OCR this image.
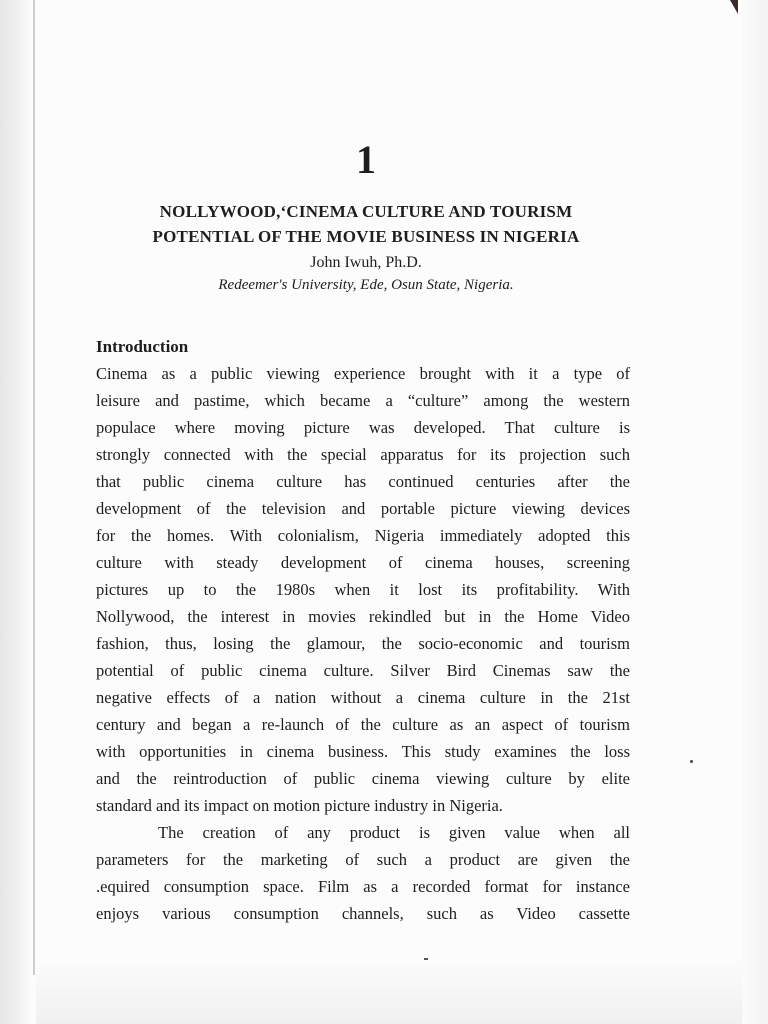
1
NOLLYWOOD,ʻCINEMA CULTURE AND TOURISM
POTENTIAL OF THE MOVIE BUSINESS IN NIGERIA
John Iwuh, Ph.D.
Redeemer's University, Ede, Osun State, Nigeria.
Introduction
Cinema as a public viewing experience brought with it a type of
leisure and pastime, which became a “culture” among the western
populace where moving picture was developed. That culture is
strongly connected with the special apparatus for its projection such
that public cinema culture has continued centuries after the
development of the television and portable picture viewing devices
for the homes. With colonialism, Nigeria immediately adopted this
culture with steady development of cinema houses, screening
pictures up to the 1980s when it lost its profitability. With
Nollywood, the interest in movies rekindled but in the Home Video
fashion, thus, losing the glamour, the socio-economic and tourism
potential of public cinema culture. Silver Bird Cinemas saw the
negative effects of a nation without a cinema culture in the 21st
century and began a re-launch of the culture as an aspect of tourism
with opportunities in cinema business. This study examines the loss
and the reintroduction of public cinema viewing culture by elite
standard and its impact on motion picture industry in Nigeria.
The creation of any product is given value when all
parameters for the marketing of such a product are given the
.equired consumption space. Film as a recorded format for instance
enjoys various consumption channels, such as Video cassette
